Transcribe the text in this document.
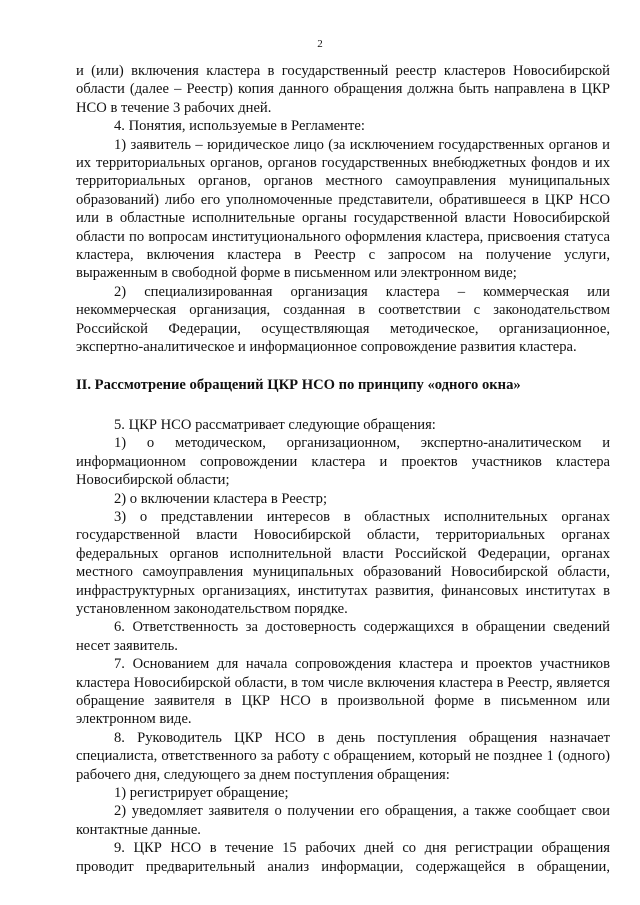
2

и (или) включения кластера в государственный реестр кластеров Новосибирской области (далее – Реестр) копия данного обращения должна быть направлена в ЦКР НСО в течение 3 рабочих дней.

4. Понятия, используемые в Регламенте:

1) заявитель – юридическое лицо (за исключением государственных органов и их территориальных органов, органов государственных внебюджетных фондов и их территориальных органов, органов местного самоуправления муниципальных образований) либо его уполномоченные представители, обратившееся в ЦКР НСО или в областные исполнительные органы государственной власти Новосибирской области по вопросам институционального оформления кластера, присвоения статуса кластера, включения кластера в Реестр с запросом на получение услуги, выраженным в свободной форме в письменном или электронном виде;

2) специализированная организация кластера – коммерческая или некоммерческая организация, созданная в соответствии с законодательством Российской Федерации, осуществляющая методическое, организационное, экспертно-аналитическое и информационное сопровождение развития кластера.

II. Рассмотрение обращений ЦКР НСО по принципу «одного окна»

5. ЦКР НСО рассматривает следующие обращения:

1) о методическом, организационном, экспертно-аналитическом и информационном сопровождении кластера и проектов участников кластера Новосибирской области;

2) о включении кластера в Реестр;

3) о представлении интересов в областных исполнительных органах государственной власти Новосибирской области, территориальных органах федеральных органов исполнительной власти Российской Федерации, органах местного самоуправления муниципальных образований Новосибирской области, инфраструктурных организациях, институтах развития, финансовых институтах в установленном законодательством порядке.

6. Ответственность за достоверность содержащихся в обращении сведений несет заявитель.

7. Основанием для начала сопровождения кластера и проектов участников кластера Новосибирской области, в том числе включения кластера в Реестр, является обращение заявителя в ЦКР НСО в произвольной форме в письменном или электронном виде.

8. Руководитель ЦКР НСО в день поступления обращения назначает специалиста, ответственного за работу с обращением, который не позднее 1 (одного) рабочего дня, следующего за днем поступления обращения:

1) регистрирует обращение;

2) уведомляет заявителя о получении его обращения, а также сообщает свои контактные данные.

9. ЦКР НСО в течение 15 рабочих дней со дня регистрации обращения проводит предварительный анализ информации, содержащейся в обращении,
